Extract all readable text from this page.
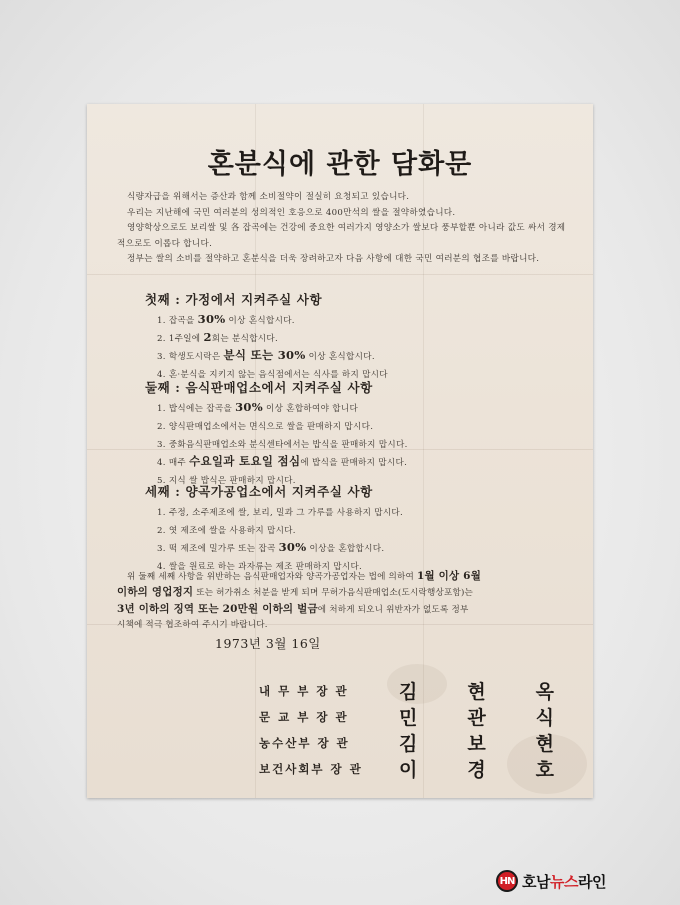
혼분식에 관한 담화문

식량자급을 위해서는 증산과 함께 소비절약이 절실히 요청되고 있습니다.

우리는 지난해에 국민 여러분의 성의적인 호응으로 400만석의 쌀을 절약하였습니다.

영양학상으로도 보리쌀 및 各 잡곡에는 건강에 중요한 여러가지 영양소가 쌀보다 풍부할뿐 아니라 값도 싸서 경제적으로도 이롭다 합니다.

정부는 쌀의 소비를 절약하고 혼분식을 더욱 장려하고자 다음 사항에 대한 국민 여러분의 협조를 바랍니다.

첫째 : 가정에서 지켜주실 사항
1. 잡곡을 30% 이상 혼식합시다.
2. 1주일에 2회는 분식합시다.
3. 학생도시락은 분식 또는 30% 이상 혼식합시다.
4. 혼·분식을 지키지 않는 음식점에서는 식사를 하지 맙시다
둘째 : 음식판매업소에서 지켜주실 사항
1. 밥식에는 잡곡을 30% 이상 혼합하여야 합니다
2. 양식판매업소에서는 면식으로 쌀을 판매하지 맙시다.
3. 중화음식판매업소와 분식센타에서는 밥식을 판매하지 맙시다.
4. 매주 수요일과 토요일 점심에 밥식을 판매하지 맙시다.
5. 지식 쌀 밥식은 판매하지 맙시다.
세째 : 양곡가공업소에서 지켜주실 사항
1. 주정, 소주제조에 쌀, 보리, 밀과 그 가루를 사용하지 맙시다.
2. 엿 제조에 쌀을 사용하지 맙시다.
3. 떡 제조에 밀가루 또는 잡곡 30% 이상을 혼합합시다.
4. 쌀을 원료로 하는 과자류는 제조 판매하지 맙시다.

위 둘째 세째 사항을 위반하는 음식판매업자와 양곡가공업자는 법에 의하여 1월 이상 6월

이하의 영업정지 또는 허가취소 처분을 받게 되며 무허가음식판매업소(도시락행상포함)는

3년 이하의 징역 또는 20만원 이하의 벌금에 처하게 되오니 위반자가 없도록 정부

시책에 적극 협조하여 주시기 바랍니다.

1973년 3월 16일
내 무 부 장 관	김	현	옥
문 교 부 장 관	민	관	식
농수산부 장 관	김	보	현
보건사회부 장 관 이	경	호
HN 호남뉴스라인
